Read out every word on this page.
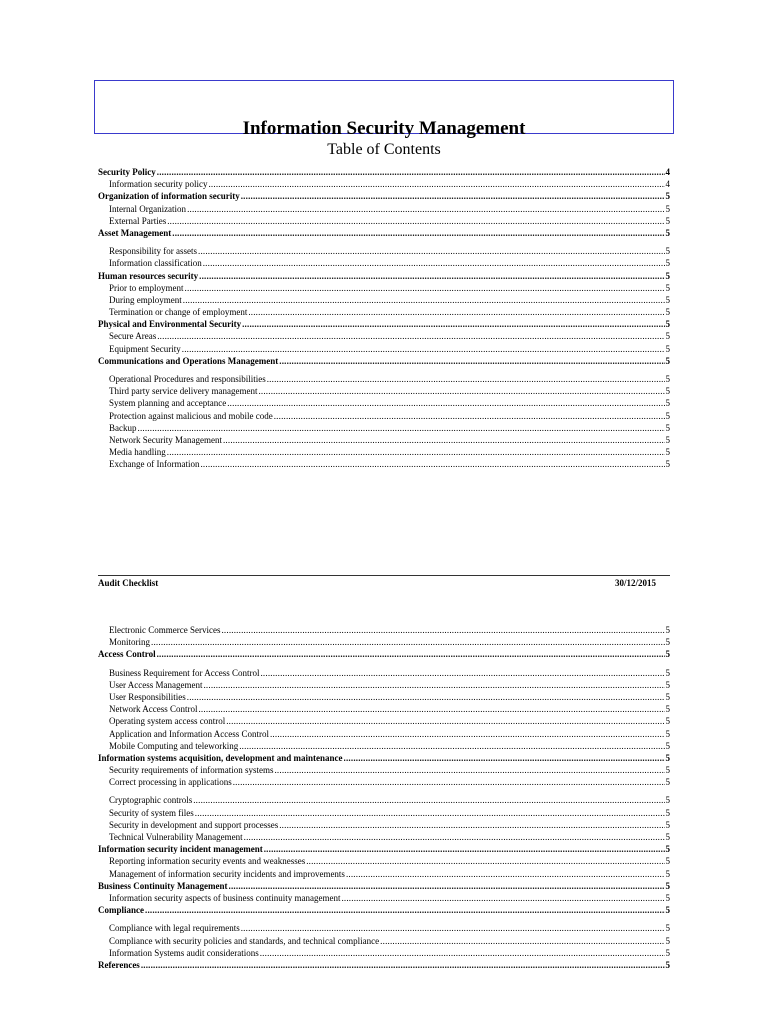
Information Security Management
Table of Contents
Security Policy .....	4
Information security policy .....	4
Organization of information security .....	5
Internal Organization .....	5
External Parties .....	5
Asset Management .....	5
Responsibility for assets .....	5
Information classification .....	5
Human resources security .....	5
Prior to employment .....	5
During employment .....	5
Termination or change of employment .....	5
Physical and Environmental Security .....	5
Secure Areas .....	5
Equipment Security .....	5
Communications and Operations Management .....	5
Operational Procedures and responsibilities .....	5
Third party service delivery management .....	5
System planning and acceptance .....	5
Protection against malicious and mobile code .....	5
Backup .....	5
Network Security Management .....	5
Media handling .....	5
Exchange of Information .....	5
Audit Checklist	30/12/2015
Electronic Commerce Services .....	5
Monitoring .....	5
Access Control .....	5
Business Requirement for Access Control .....	5
User Access Management .....	5
User Responsibilities .....	5
Network Access Control .....	5
Operating system access control .....	5
Application and Information Access Control .....	5
Mobile Computing and teleworking .....	5
Information systems acquisition, development and maintenance .....	5
Security requirements of information systems .....	5
Correct processing in applications .....	5
Cryptographic controls .....	5
Security of system files .....	5
Security in development and support processes .....	5
Technical Vulnerability Management .....	5
Information security incident management .....	5
Reporting information security events and weaknesses .....	5
Management of information security incidents and improvements .....	5
Business Continuity Management .....	5
Information security aspects of business continuity management .....	5
Compliance .....	5
Compliance with legal requirements .....	5
Compliance with security policies and standards, and technical compliance .....	5
Information Systems audit considerations .....	5
References .....	5
